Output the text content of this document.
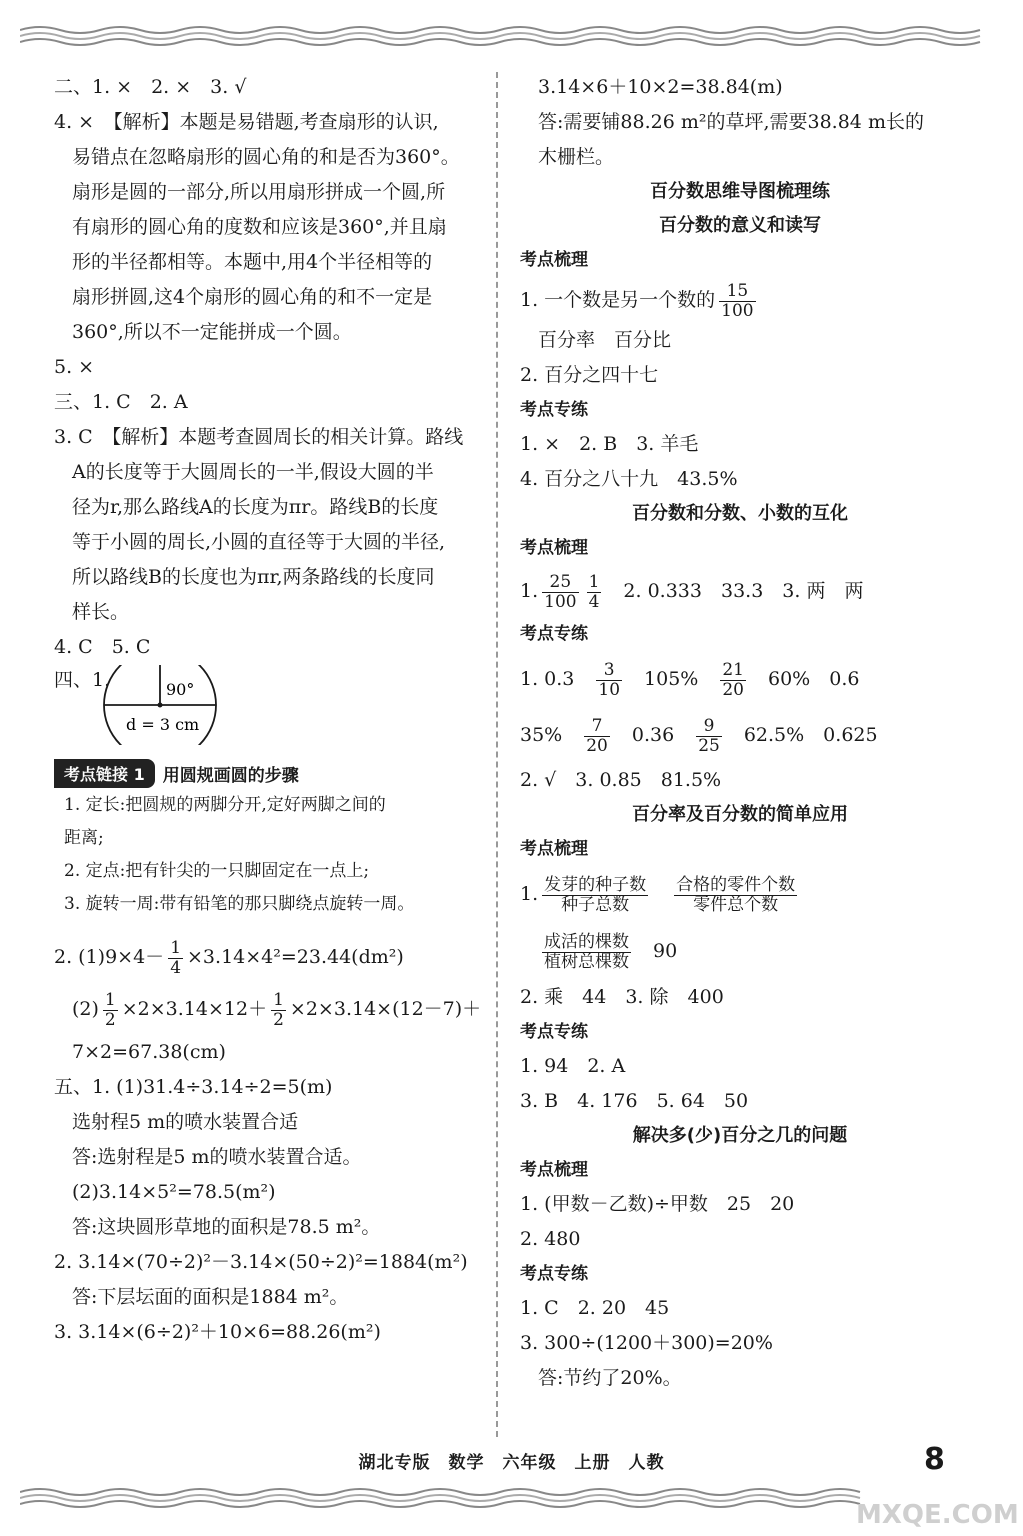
二、1. ×　2. ×　3. √
4. ×　【解析】本题是易错题,考查扇形的认识,
易错点在忽略扇形的圆心角的和是否为360°。
扇形是圆的一部分,所以用扇形拼成一个圆,所
有扇形的圆心角的度数和应该是360°,并且扇
形的半径都相等。本题中,用4个半径相等的
扇形拼圆,这4个扇形的圆心角的和不一定是
360°,所以不一定能拼成一个圆。
5. ×
三、1. C　2. A
3. C　【解析】本题考查圆周长的相关计算。路线
A的长度等于大圆周长的一半,假设大圆的半
径为r,那么路线A的长度为πr。路线B的长度
等于小圆的周长,小圆的直径等于大圆的半径,
所以路线B的长度也为πr,两条路线的长度同
样长。
4. C　5. C
四、1.	90°
d = 3 cm
考点链接 1	用圆规画圆的步骤
1. 定长:把圆规的两脚分开,定好两脚之间的
距离;
2. 定点:把有针尖的一只脚固定在一点上;
3. 旋转一周:带有铅笔的那只脚绕点旋转一周。
2. $(1)9\times 4- \frac{1}{4} \times 3.14\times 4^2=23.44(dm^2)$
$(2) \frac{1}{2} \times 2\times 3.14\times 12+ \frac{1}{2} \times 2\times 3.14\times(12-7)+$
7×2=67.38(cm)
五、1. (1)31.4÷3.14÷2=5(m)
选射程5 m的喷水装置合适
答:选射程是5 m的喷水装置合适。
(2)3.14×5²=78.5(m²)
答:这块圆形草地的面积是78.5 m²。
2. 3.14×(70÷2)²－3.14×(50÷2)²=1884(m²)
答:下层坛面的面积是1884 m²。
3. 3.14×(6÷2)²＋10×6=88.26(m²)
3.14×6＋10×2=38.84(m)
答:需要铺88.26 m²的草坪,需要38.84 m长的
木栅栏。
百分数思维导图梳理练
百分数的意义和读写
考点梳理
1. 一个数是另一个数的 $\frac{15}{100}$
百分率　百分比
2. 百分之四十七
考点专练
1. ×　2. B　3. 羊毛
4. 百分之八十九　43.5%
百分数和分数、小数的互化
考点梳理
1. $\frac{25}{100} \frac{1}{4} 2$. 0.333　33.3　3. 两　两
考点专练
1. $0.3 \frac{3}{10} 105\% \frac{21}{20} 60\%$　0.6
$35\% \frac{7}{20} 0.36 \frac{9}{25} 62.5\%$　0.625
2. √　3. 0.85　81.5%
百分率及百分数的简单应用
考点梳理
1. $\frac{\text{发芽的种子数}}{\text{种子总数}} \frac{\text{合格的零件个数}}{\text{零件总个数}}$
$\frac{\text{成活的棵数}}{\text{植树总棵数}} 90$
2. 乘　44　3. 除　400
考点专练
1. 94　2. A
3. B　4. 176　5. 64　50
解决多(少)百分之几的问题
考点梳理
1. (甲数－乙数)÷甲数　25　20
2. 480
考点专练
1. C　2. 20　45
3. 300÷(1200＋300)=20%
答:节约了20%。
湖北专版　数学　六年级　上册　人教	8
MXQE.COM
